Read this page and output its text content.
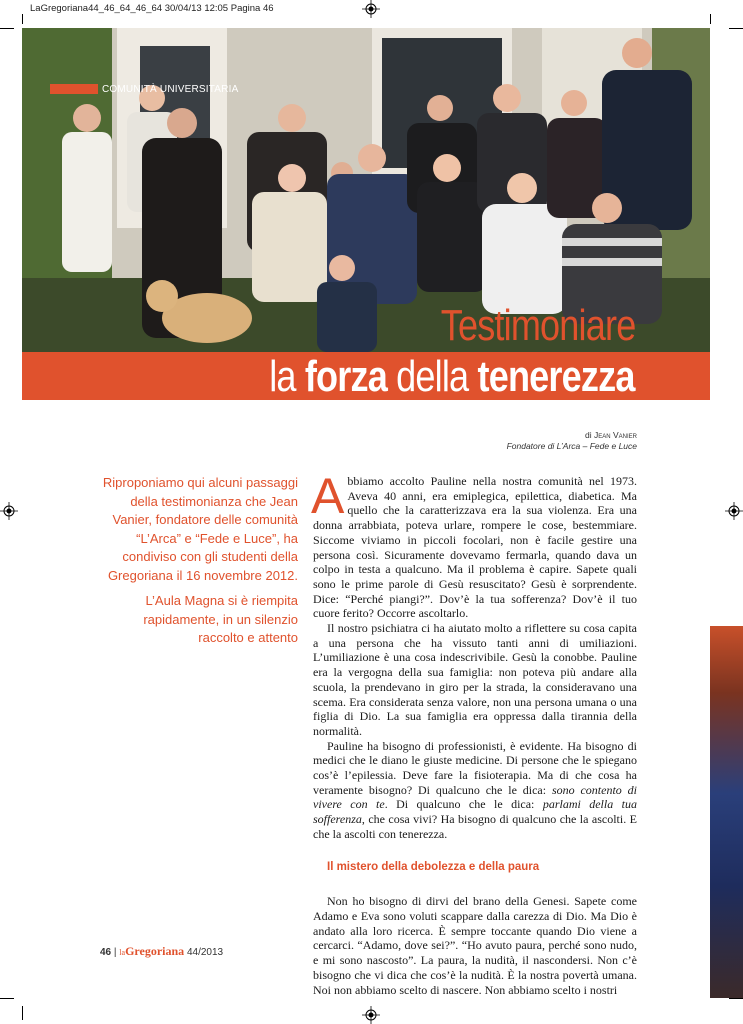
LaGregoriana44_46_64_46_64 30/04/13 12:05 Pagina 46
COMUNITÀ UNIVERSITARIA
Testimoniare
la forza della tenerezza
di Jean Vanier
Fondatore di L’Arca – Fede e Luce

Riproponiamo qui alcuni passaggi della testimonianza che Jean Vanier, fondatore delle comunità “L’Arca” e “Fede e Luce”, ha condiviso con gli studenti della Gregoriana il 16 novembre 2012.

L’Aula Magna si è riempita rapidamente, in un silenzio raccolto e attento

Abbiamo accolto Pauline nella nostra comunità nel 1973. Aveva 40 anni, era emiplegica, epilettica, diabetica. Ma quello che la caratterizzava era la sua violenza. Era una donna arrabbiata, poteva urlare, rompere le cose, bestemmiare. Siccome viviamo in piccoli focolari, non è facile gestire una persona così. Sicuramente dovevamo fermarla, quando dava un colpo in testa a qualcuno. Ma il problema è capire. Sapete quali sono le prime parole di Gesù resuscitato? Gesù è sorprendente. Dice: “Perché piangi?”. Dov’è la tua sofferenza? Dov’è il tuo cuore ferito? Occorre ascoltarlo.

Il nostro psichiatra ci ha aiutato molto a riflettere su cosa capita a una persona che ha vissuto tanti anni di umiliazioni. L’umiliazione è una cosa indescrivibile. Gesù la conobbe. Pauline era la vergogna della sua famiglia: non poteva più andare alla scuola, la prendevano in giro per la strada, la consideravano una scema. Era considerata senza valore, non una persona umana o una figlia di Dio. La sua famiglia era oppressa dalla tirannia della normalità.

Pauline ha bisogno di professionisti, è evidente. Ha bisogno di medici che le diano le giuste medicine. Di persone che le spiegano cos’è l’epilessia. Deve fare la fisioterapia. Ma di che cosa ha veramente bisogno? Di qualcuno che le dica: sono contento di vivere con te. Di qualcuno che le dica: parlami della tua sofferenza, che cosa vivi? Ha bisogno di qualcuno che la ascolti. E che la ascolti con tenerezza.

Il mistero della debolezza e della paura

Non ho bisogno di dirvi del brano della Genesi. Sapete come Adamo e Eva sono voluti scappare dalla carezza di Dio. Ma Dio è andato alla loro ricerca. È sempre toccante quando Dio viene a cercarci. “Adamo, dove sei?”. “Ho avuto paura, perché sono nudo, e mi sono nascosto”. La paura, la nudità, il nascondersi. Non c’è bisogno che vi dica che cos’è la nudità. È la nostra povertà umana. Noi non abbiamo scelto di nascere. Non abbiamo scelto i nostri

46 | laGregoriana 44/2013
